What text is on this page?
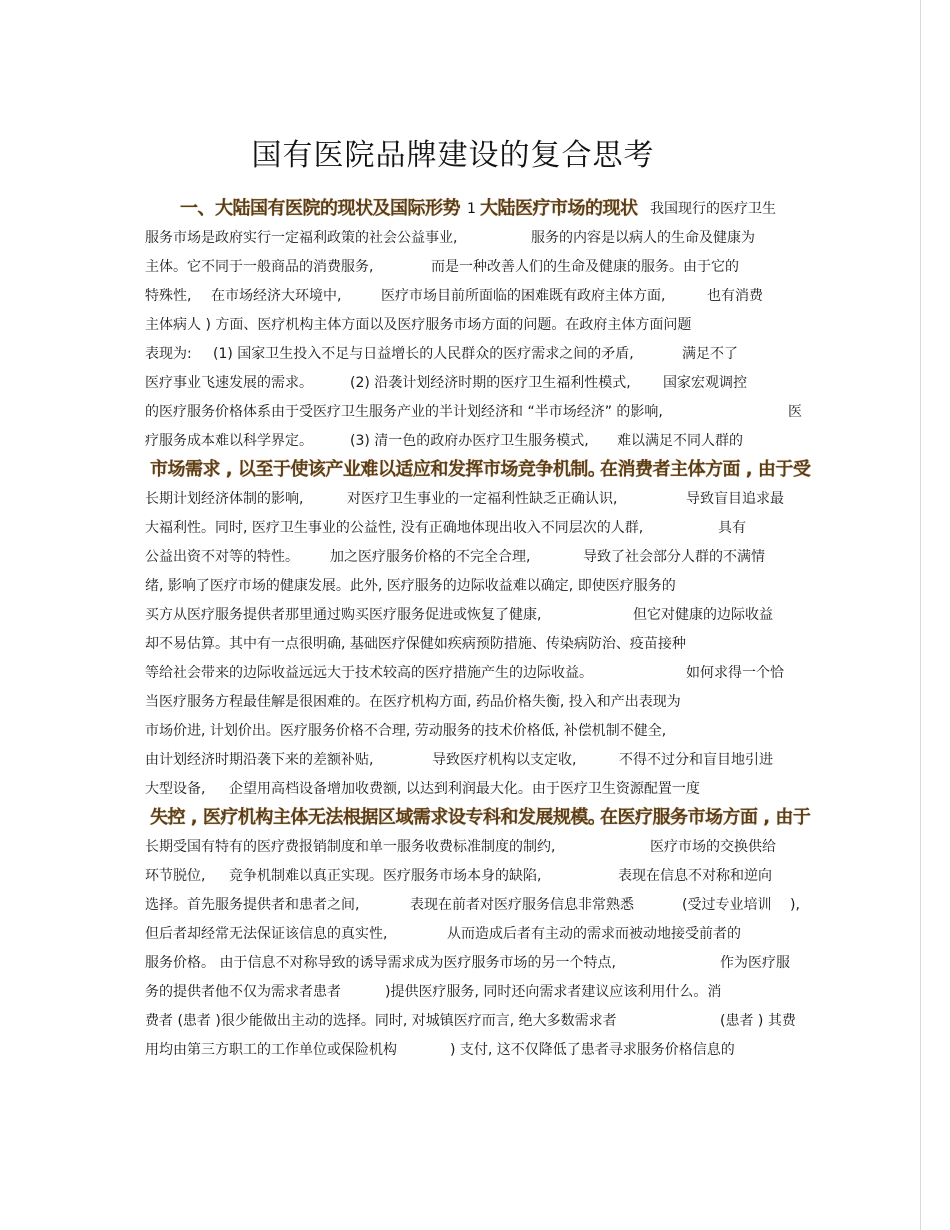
国有医院品牌建设的复合思考
一、大陆国有医院的现状及国际形势 1 大陆医疗市场的现状 我国现行的医疗卫生
服务市场是政府实行一定福利政策的社会公益事业,	服务的内容是以病人的生命及健康为
主体。它不同于一般商品的消费服务,	而是一种改善人们的生命及健康的服务。由于它的
特殊性, 在市场经济大环境中,	医疗市场目前所面临的困难既有政府主体方面,	也有消费
主体病人 ) 方面、医疗机构主体方面以及医疗服务市场方面的问题。在政府主体方面问题
表现为: (1) 国家卫生投入不足与日益增长的人民群众的医疗需求之间的矛盾,	满足不了
医疗事业飞速发展的需求。	(2) 沿袭计划经济时期的医疗卫生福利性模式, 国家宏观调控
的医疗服务价格体系由于受医疗卫生服务产业的半计划经济和 “半市场经济” 的影响,	医
疗服务成本难以科学界定。	(3) 清一色的政府办医疗卫生服务模式, 难以满足不同人群的
市场需求 , 以至于使该产业难以适应和发挥市场竞争机制。
在消费者主体方面 , 由于受
长期计划经济体制的影响,	对医疗卫生事业的一定福利性缺乏正确认识,	导致盲目追求最
大福利性。同时, 医疗卫生事业的公益性, 没有正确地体现出收入不同层次的人群,	具有
公益出资不对等的特性。 加之医疗服务价格的不完全合理,	导致了社会部分人群的不满情
绪, 影响了医疗市场的健康发展。此外, 医疗服务的边际收益难以确定, 即使医疗服务的
买方从医疗服务提供者那里通过购买医疗服务促进或恢复了健康,	但它对健康的边际收益
却不易估算。其中有一点很明确, 基础医疗保健如疾病预防措施、传染病防治、疫苗接种
等给社会带来的边际收益远远大于技术较高的医疗措施产生的边际收益。	如何求得一个恰
当医疗服务方程最佳解是很困难的。在医疗机构方面, 药品价格失衡, 投入和产出表现为
市场价进, 计划价出。医疗服务价格不合理, 劳动服务的技术价格低, 补偿机制不健全,
由计划经济时期沿袭下来的差额补贴,	导致医疗机构以支定收,	不得不过分和盲目地引进
大型设备, 企望用高档设备增加收费额, 以达到利润最大化。由于医疗卫生资源配置一度
失控 , 医疗机构主体无法根据区域需求设专科和发展规模。
在医疗服务市场方面 , 由于
长期受国有特有的医疗费报销制度和单一服务收费标准制度的制约,	医疗市场的交换供给
环节脱位, 竞争机制难以真正实现。医疗服务市场本身的缺陷,	表现在信息不对称和逆向
选择。首先服务提供者和患者之间,	表现在前者对医疗服务信息非常熟悉	(受过专业培训 ),
但后者却经常无法保证该信息的真实性,	从而造成后者有主动的需求而被动地接受前者的
服务价格。 由于信息不对称导致的诱导需求成为医疗服务市场的另一个特点,	作为医疗服
务的提供者他不仅为需求者患者	)提供医疗服务, 同时还向需求者建议应该利用什么。消
费者 (患者 )很少能做出主动的选择。同时, 对城镇医疗而言, 绝大多数需求者	(患者 ) 其费
用均由第三方职工的工作单位或保险机构	) 支付, 这不仅降低了患者寻求服务价格信息的
